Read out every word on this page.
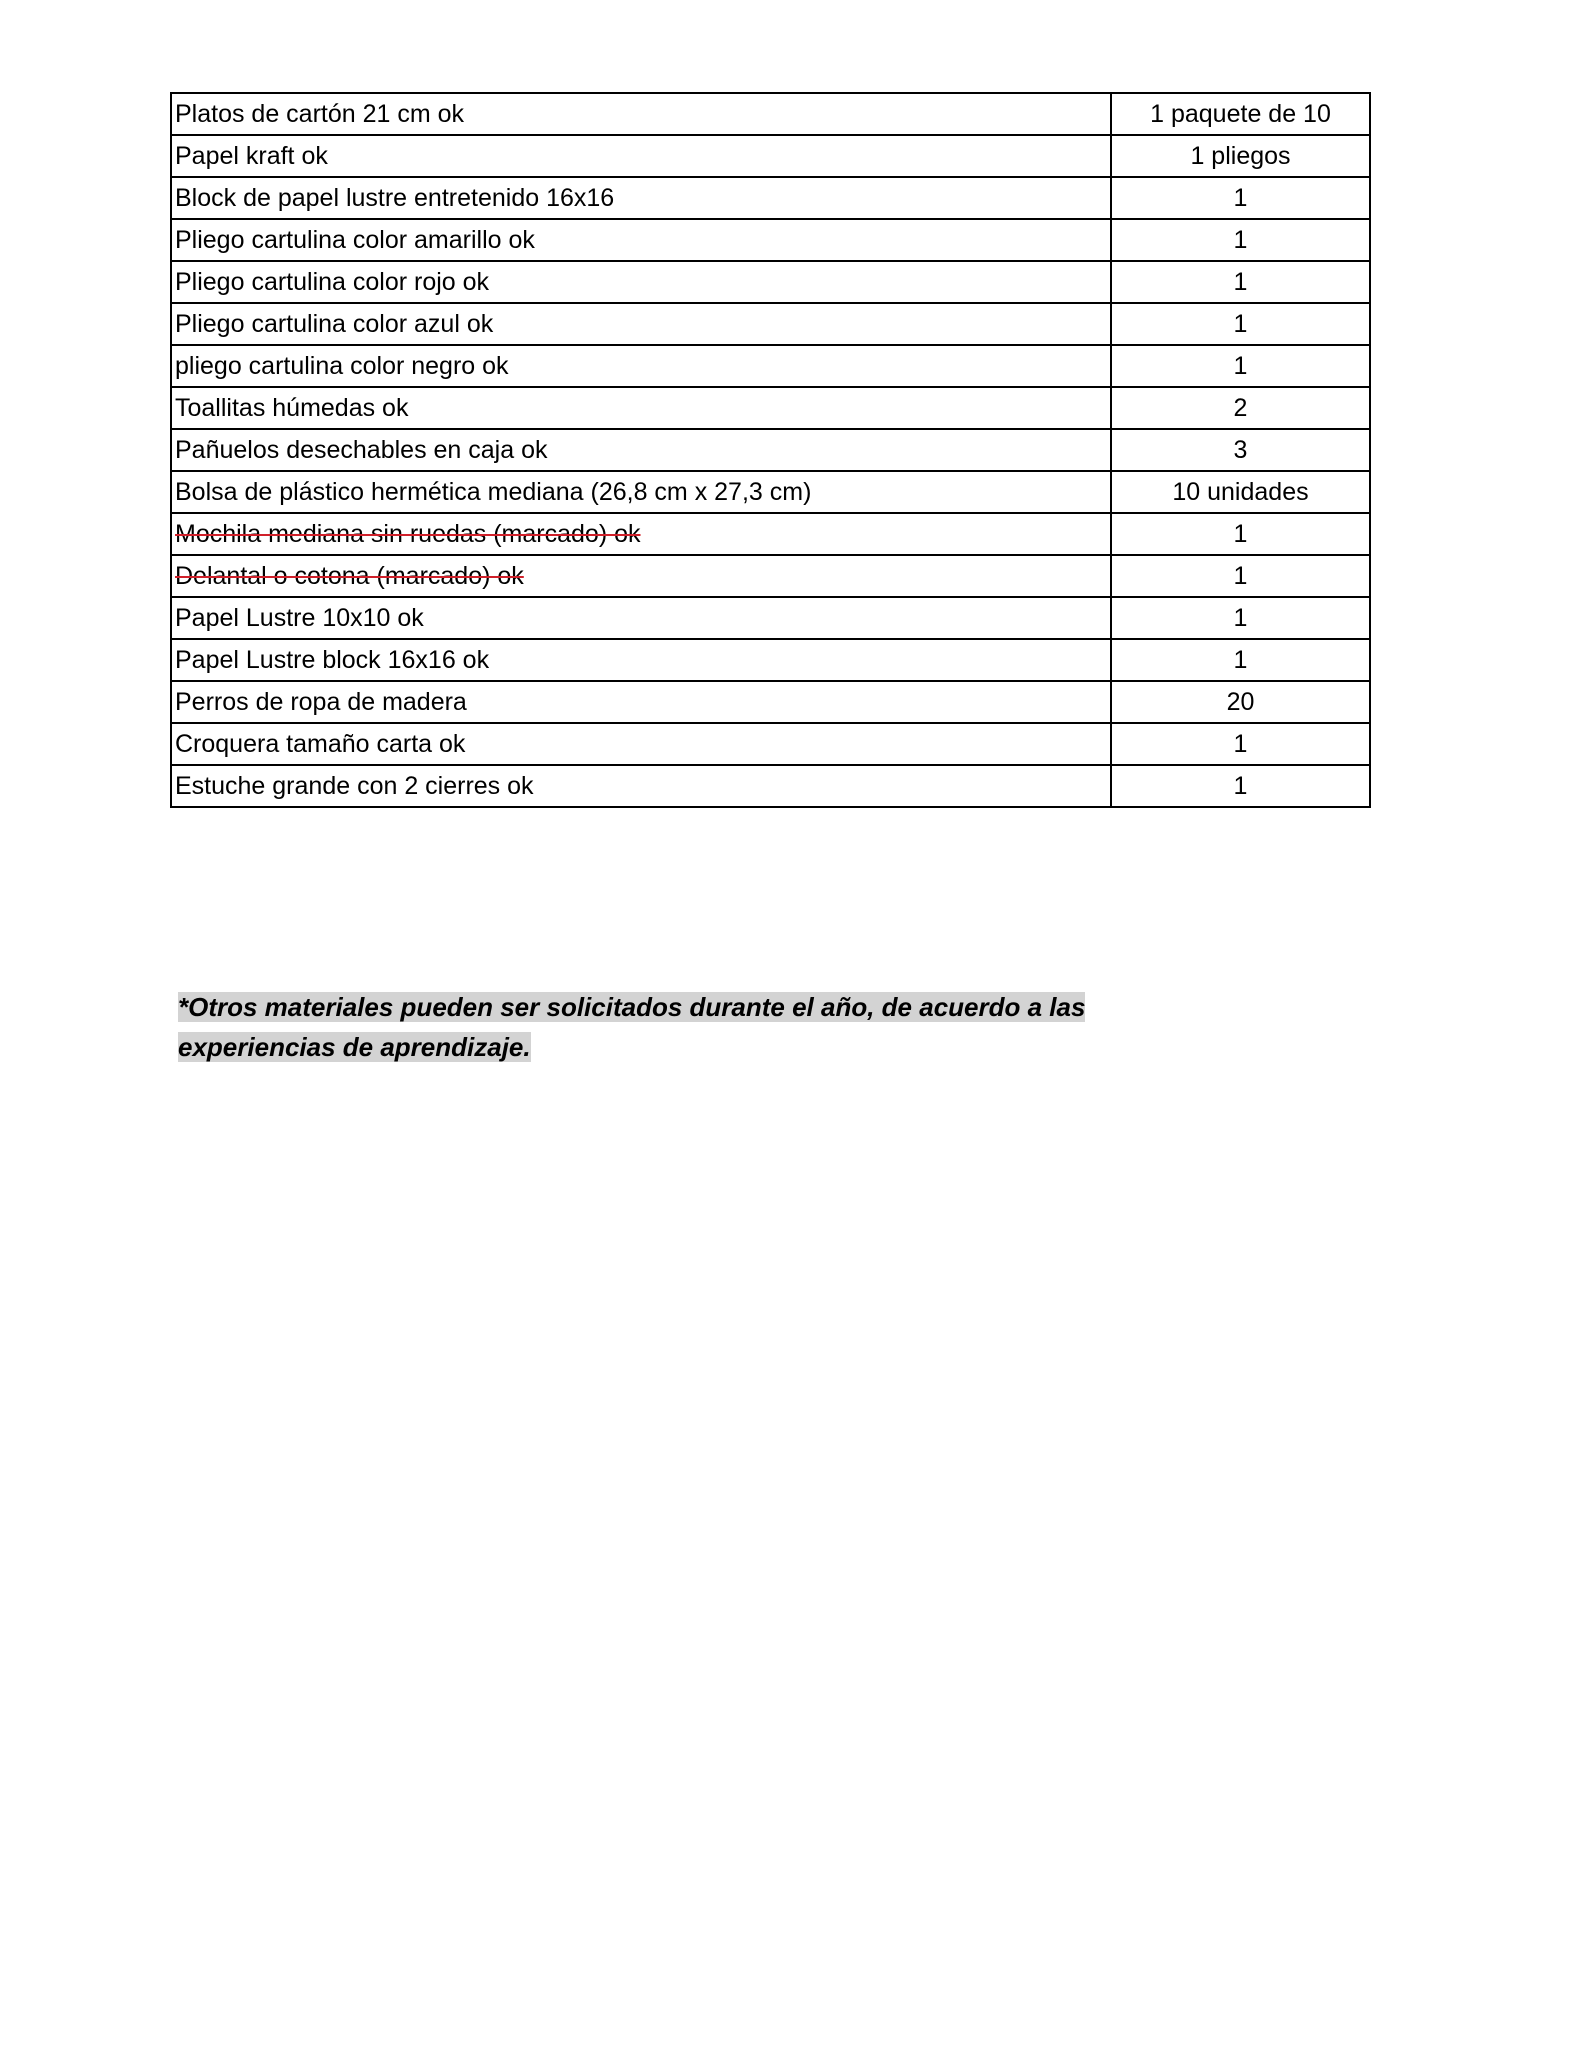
Platos de cartón 21 cm ok	1 paquete de 10
Papel kraft ok	1 pliegos
Block de papel lustre entretenido 16x16	1
Pliego cartulina color amarillo ok	1
Pliego cartulina color rojo ok	1
Pliego cartulina color azul ok	1
pliego cartulina color negro ok	1
Toallitas húmedas ok	2
Pañuelos desechables en caja ok	3
Bolsa de plástico hermética mediana (26,8 cm x 27,3 cm)	10 unidades
Mochila mediana sin ruedas (marcado) ok	1
Delantal o cotona (marcado) ok	1
Papel Lustre 10x10 ok	1
Papel Lustre block 16x16 ok	1
Perros de ropa de madera	20
Croquera tamaño carta ok	1
Estuche grande con 2 cierres ok	1
*Otros materiales pueden ser solicitados durante el año, de acuerdo a las experiencias de aprendizaje.
